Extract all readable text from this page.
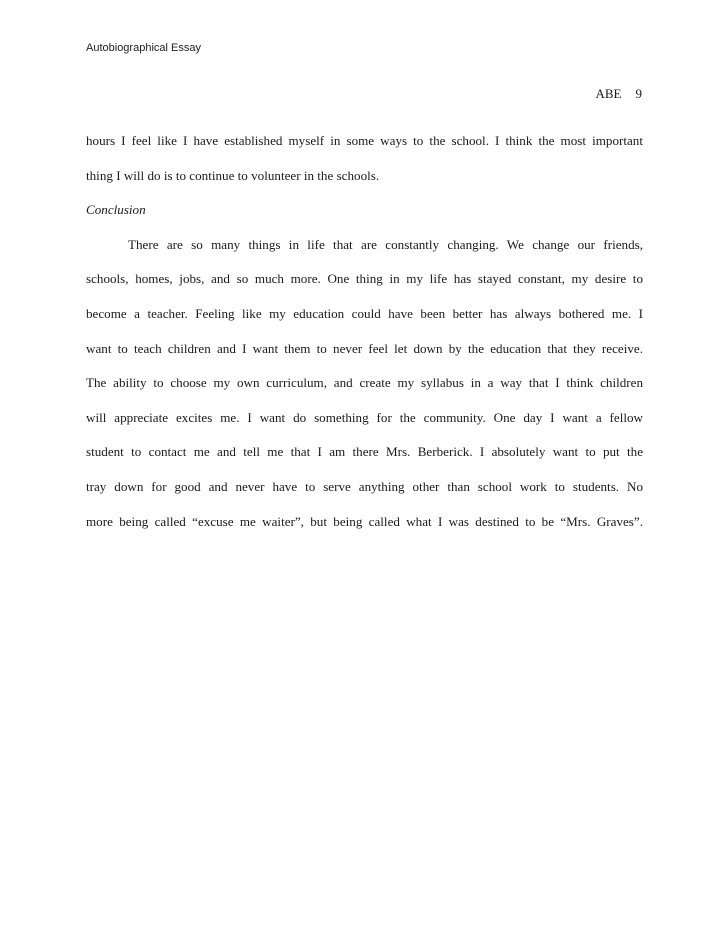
Autobiographical Essay
ABE 9
hours I feel like I have established myself in some ways to the school. I think the most important
thing I will do is to continue to volunteer in the schools.
Conclusion
There are so many things in life that are constantly changing. We change our friends,
schools, homes, jobs, and so much more. One thing in my life has stayed constant, my desire to
become a teacher. Feeling like my education could have been better has always bothered me. I
want to teach children and I want them to never feel let down by the education that they receive.
The ability to choose my own curriculum, and create my syllabus in a way that I think children
will appreciate excites me. I want do something for the community. One day I want a fellow
student to contact me and tell me that I am there Mrs. Berberick. I absolutely want to put the
tray down for good and never have to serve anything other than school work to students. No
more being called “excuse me waiter”, but being called what I was destined to be “Mrs. Graves”.
